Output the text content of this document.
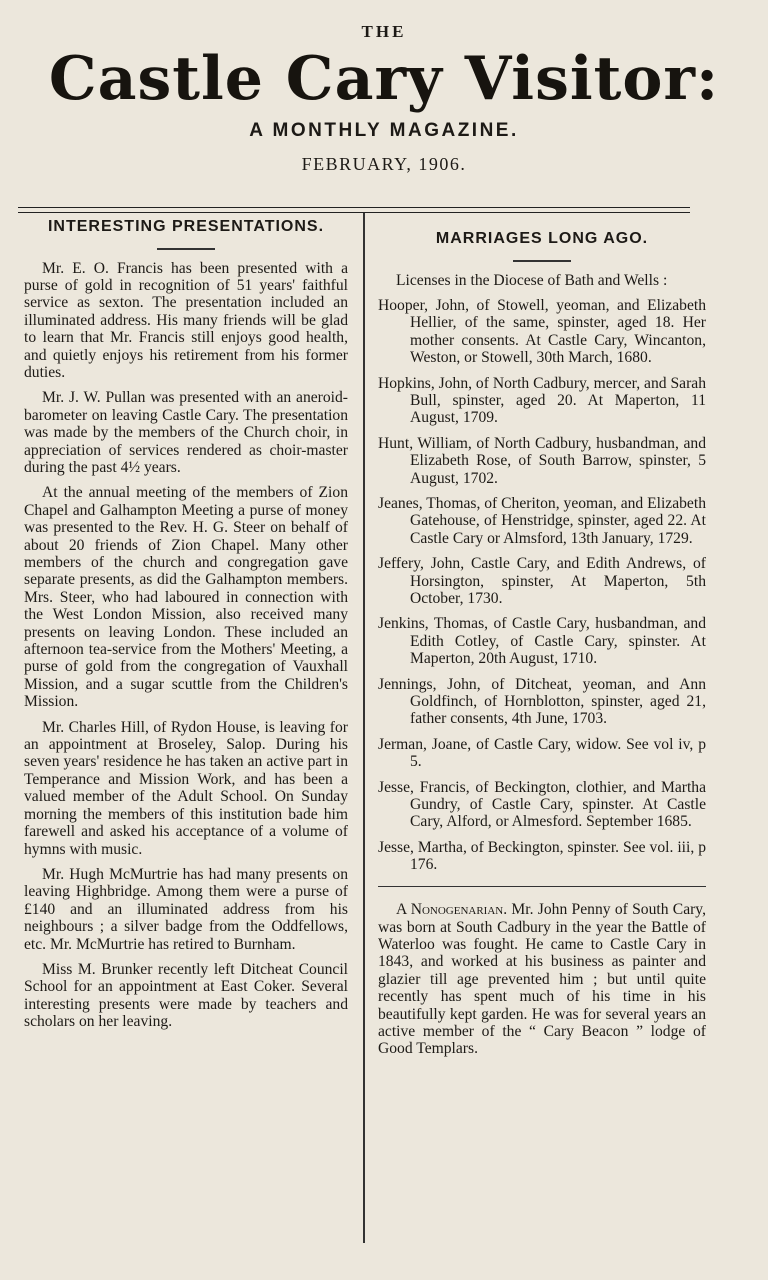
THE
Castle Cary Visitor:
A MONTHLY MAGAZINE.
FEBRUARY, 1906.
INTERESTING PRESENTATIONS.

Mr. E. O. Francis has been presented with a purse of gold in recognition of 51 years' faithful service as sexton. The presentation included an illuminated address. His many friends will be glad to learn that Mr. Francis still enjoys good health, and quietly enjoys his retirement from his former duties.

Mr. J. W. Pullan was presented with an aneroid-barometer on leaving Castle Cary. The presentation was made by the members of the Church choir, in appreciation of services rendered as choir-master during the past 4½ years.

At the annual meeting of the members of Zion Chapel and Galhampton Meeting a purse of money was presented to the Rev. H. G. Steer on behalf of about 20 friends of Zion Chapel. Many other members of the church and congregation gave separate presents, as did the Galhampton members. Mrs. Steer, who had laboured in connection with the West London Mission, also received many presents on leaving London. These included an afternoon tea-service from the Mothers' Meeting, a purse of gold from the congregation of Vauxhall Mission, and a sugar scuttle from the Children's Mission.

Mr. Charles Hill, of Rydon House, is leaving for an appointment at Broseley, Salop. During his seven years' residence he has taken an active part in Temperance and Mission Work, and has been a valued member of the Adult School. On Sunday morning the members of this institution bade him farewell and asked his acceptance of a volume of hymns with music.

Mr. Hugh McMurtrie has had many presents on leaving Highbridge. Among them were a purse of £140 and an illuminated address from his neighbours ; a silver badge from the Oddfellows, etc. Mr. McMurtrie has retired to Burnham.

Miss M. Brunker recently left Ditcheat Council School for an appointment at East Coker. Several interesting presents were made by teachers and scholars on her leaving.

MARRIAGES LONG AGO.

Licenses in the Diocese of Bath and Wells :

Hooper, John, of Stowell, yeoman, and Elizabeth Hellier, of the same, spinster, aged 18. Her mother consents. At Castle Cary, Wincanton, Weston, or Stowell, 30th March, 1680.

Hopkins, John, of North Cadbury, mercer, and Sarah Bull, spinster, aged 20. At Maperton, 11 August, 1709.

Hunt, William, of North Cadbury, husbandman, and Elizabeth Rose, of South Barrow, spinster, 5 August, 1702.

Jeanes, Thomas, of Cheriton, yeoman, and Elizabeth Gatehouse, of Henstridge, spinster, aged 22. At Castle Cary or Almsford, 13th January, 1729.

Jeffery, John, Castle Cary, and Edith Andrews, of Horsington, spinster, At Maperton, 5th October, 1730.

Jenkins, Thomas, of Castle Cary, husbandman, and Edith Cotley, of Castle Cary, spinster. At Maperton, 20th August, 1710.

Jennings, John, of Ditcheat, yeoman, and Ann Goldfinch, of Hornblotton, spinster, aged 21, father consents, 4th June, 1703.

Jerman, Joane, of Castle Cary, widow. See vol iv, p 5.

Jesse, Francis, of Beckington, clothier, and Martha Gundry, of Castle Cary, spinster. At Castle Cary, Alford, or Almesford. September 1685.

Jesse, Martha, of Beckington, spinster. See vol. iii, p 176.

A Nonogenarian. Mr. John Penny of South Cary, was born at South Cadbury in the year the Battle of Waterloo was fought. He came to Castle Cary in 1843, and worked at his business as painter and glazier till age prevented him ; but until quite recently has spent much of his time in his beautifully kept garden. He was for several years an active member of the “ Cary Beacon ” lodge of Good Templars.
